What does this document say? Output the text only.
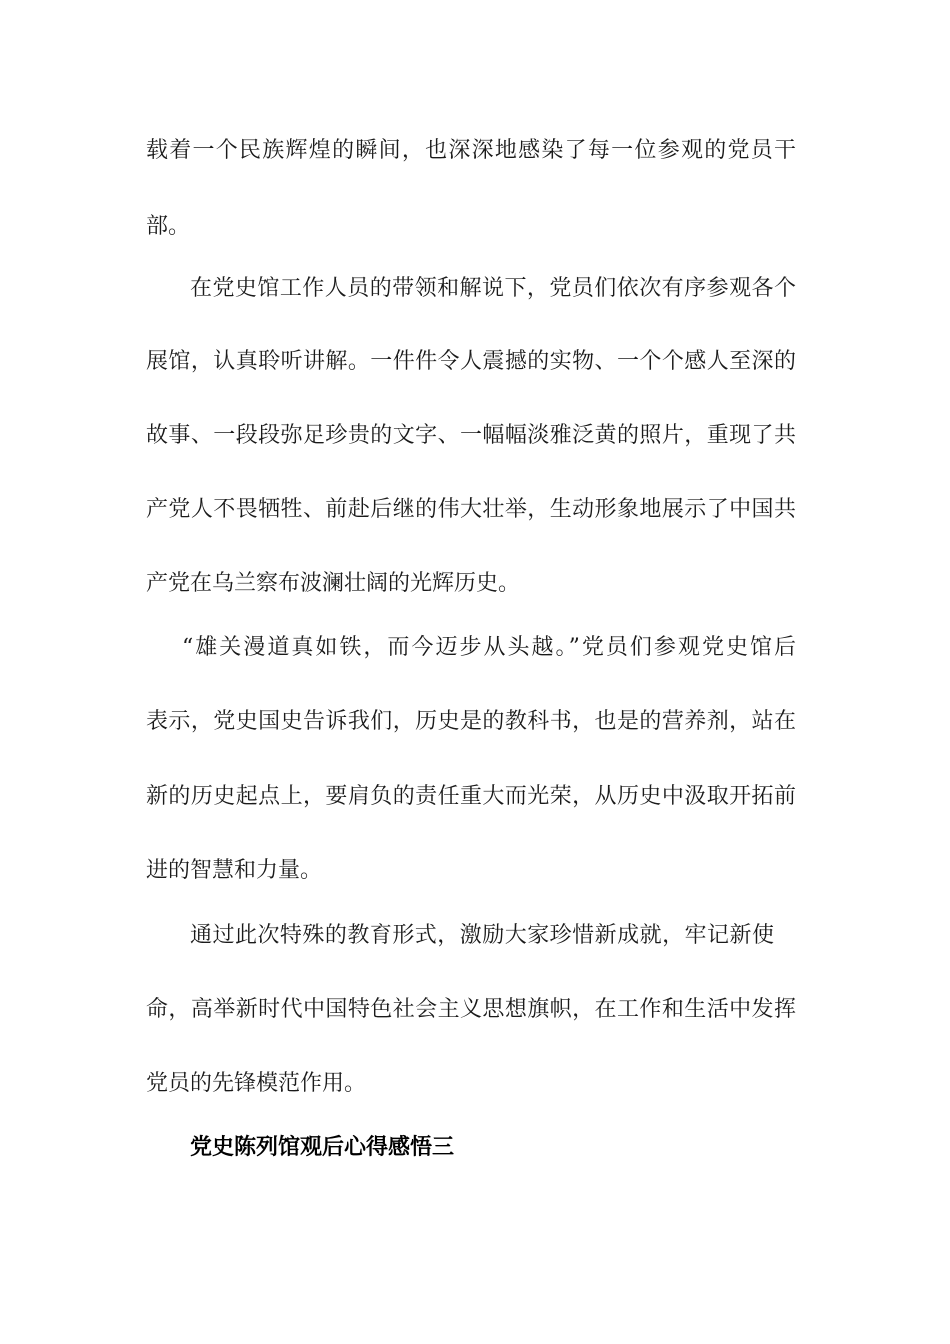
载着一个民族辉煌的瞬间，也深深地感染了每一位参观的党员干
部。
在党史馆工作人员的带领和解说下，党员们依次有序参观各个
展馆，认真聆听讲解。一件件令人震撼的实物、一个个感人至深的
故事、一段段弥足珍贵的文字、一幅幅淡雅泛黄的照片，重现了共
产党人不畏牺牲、前赴后继的伟大壮举，生动形象地展示了中国共
产党在乌兰察布波澜壮阔的光辉历史。
“雄关漫道真如铁，而今迈步从头越。”党员们参观党史馆后
表示，党史国史告诉我们，历史是的教科书，也是的营养剂，站在
新的历史起点上，要肩负的责任重大而光荣，从历史中汲取开拓前
进的智慧和力量。
通过此次特殊的教育形式，激励大家珍惜新成就，牢记新使
命，高举新时代中国特色社会主义思想旗帜，在工作和生活中发挥
党员的先锋模范作用。
党史陈列馆观后心得感悟三
